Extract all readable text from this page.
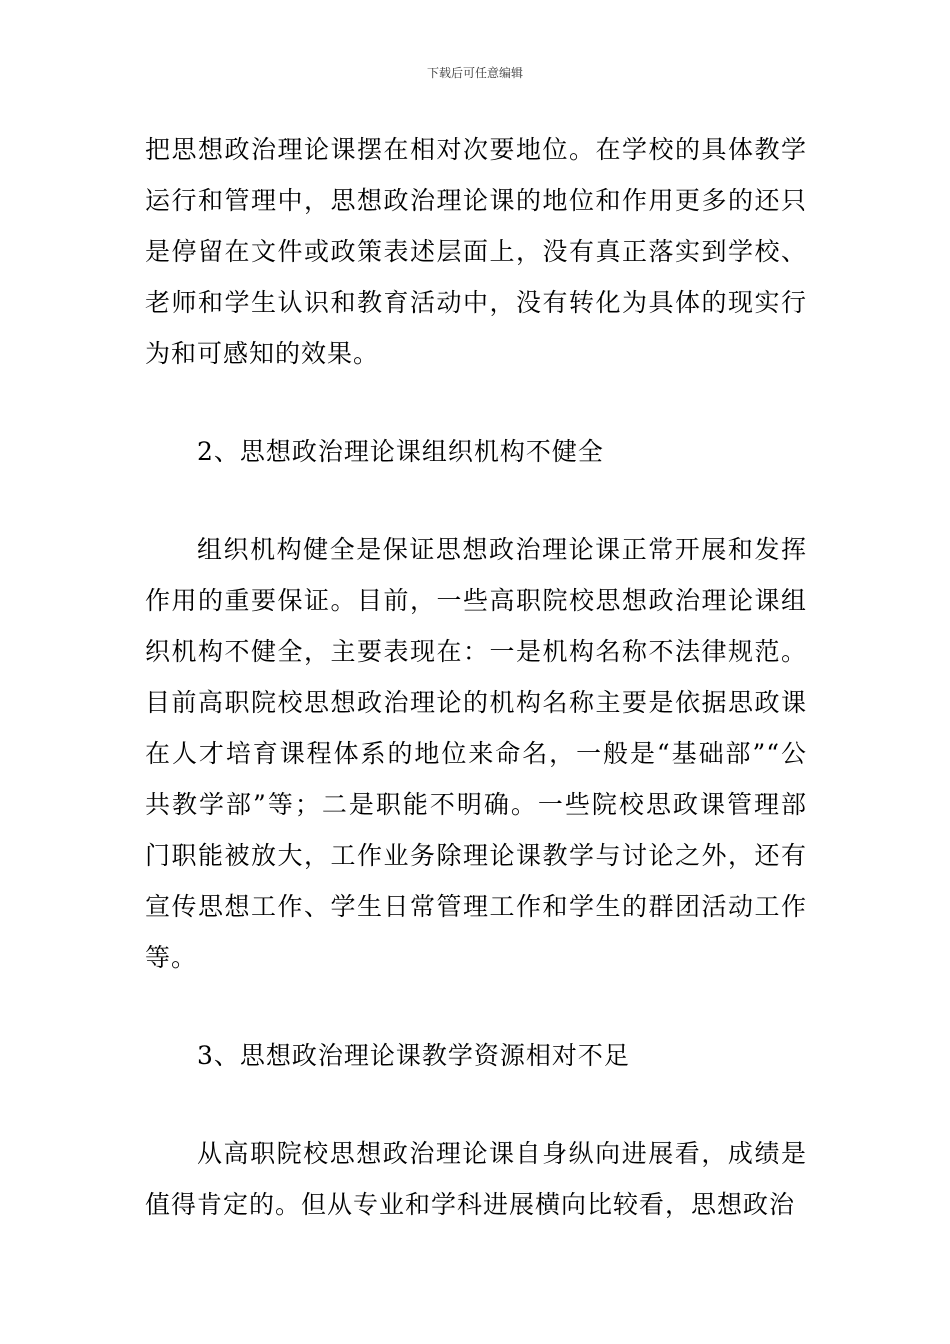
下载后可任意编辑

把思想政治理论课摆在相对次要地位。在学校的具体教学运行和管理中，思想政治理论课的地位和作用更多的还只是停留在文件或政策表述层面上，没有真正落实到学校、老师和学生认识和教育活动中，没有转化为具体的现实行为和可感知的效果。

2、思想政治理论课组织机构不健全

组织机构健全是保证思想政治理论课正常开展和发挥作用的重要保证。目前，一些高职院校思想政治理论课组织机构不健全，主要表现在：一是机构名称不法律规范。目前高职院校思想政治理论的机构名称主要是依据思政课在人才培育课程体系的地位来命名，一般是“基础部”“公共教学部”等；二是职能不明确。一些院校思政课管理部门职能被放大，工作业务除理论课教学与讨论之外，还有宣传思想工作、学生日常管理工作和学生的群团活动工作等。

3、思想政治理论课教学资源相对不足

从高职院校思想政治理论课自身纵向进展看，成绩是值得肯定的。但从专业和学科进展横向比较看，思想政治
